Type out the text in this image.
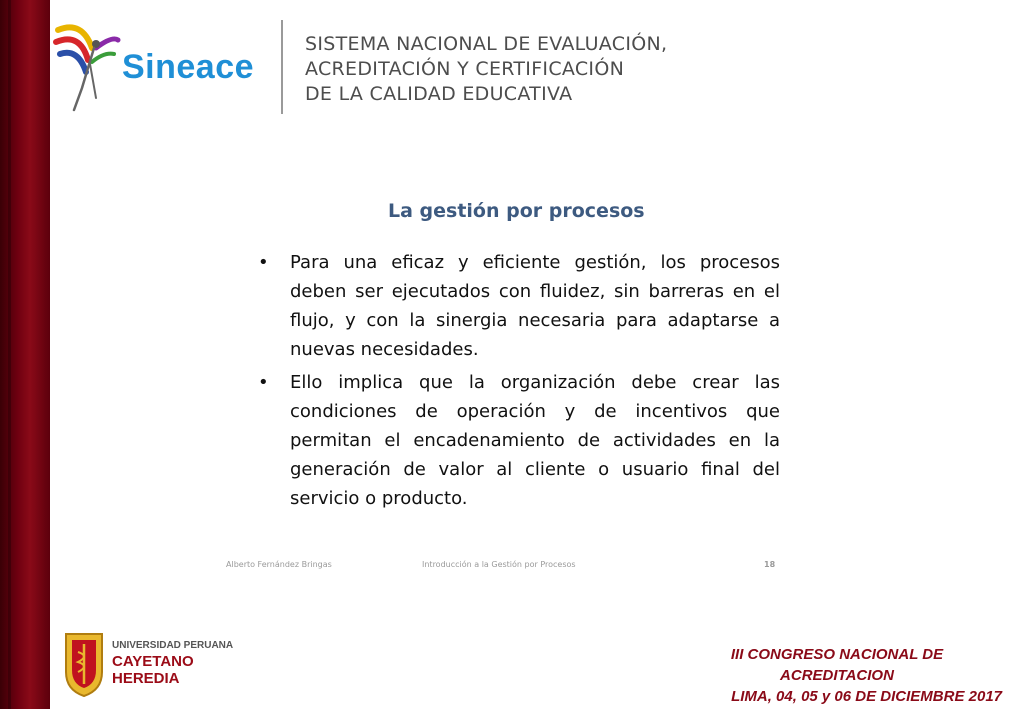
Sineace
SISTEMA NACIONAL DE EVALUACIÓN,
ACREDITACIÓN Y CERTIFICACIÓN
DE LA CALIDAD EDUCATIVA
La gestión por procesos
• Para una eficaz y eficiente gestión, los procesos deben ser ejecutados con fluidez, sin barreras en el flujo, y con la sinergia necesaria para adaptarse a nuevas necesidades.
• Ello implica que la organización debe crear las condiciones de operación y de incentivos que permitan el encadenamiento de actividades en la generación de valor al cliente o usuario final del servicio o producto.
Alberto Fernández Bringas	Introducción a la Gestión por Procesos	18
UNIVERSIDAD PERUANA
CAYETANO HEREDIA
III CONGRESO NACIONAL DE
ACREDITACION
LIMA, 04, 05 y 06 DE DICIEMBRE 2017
